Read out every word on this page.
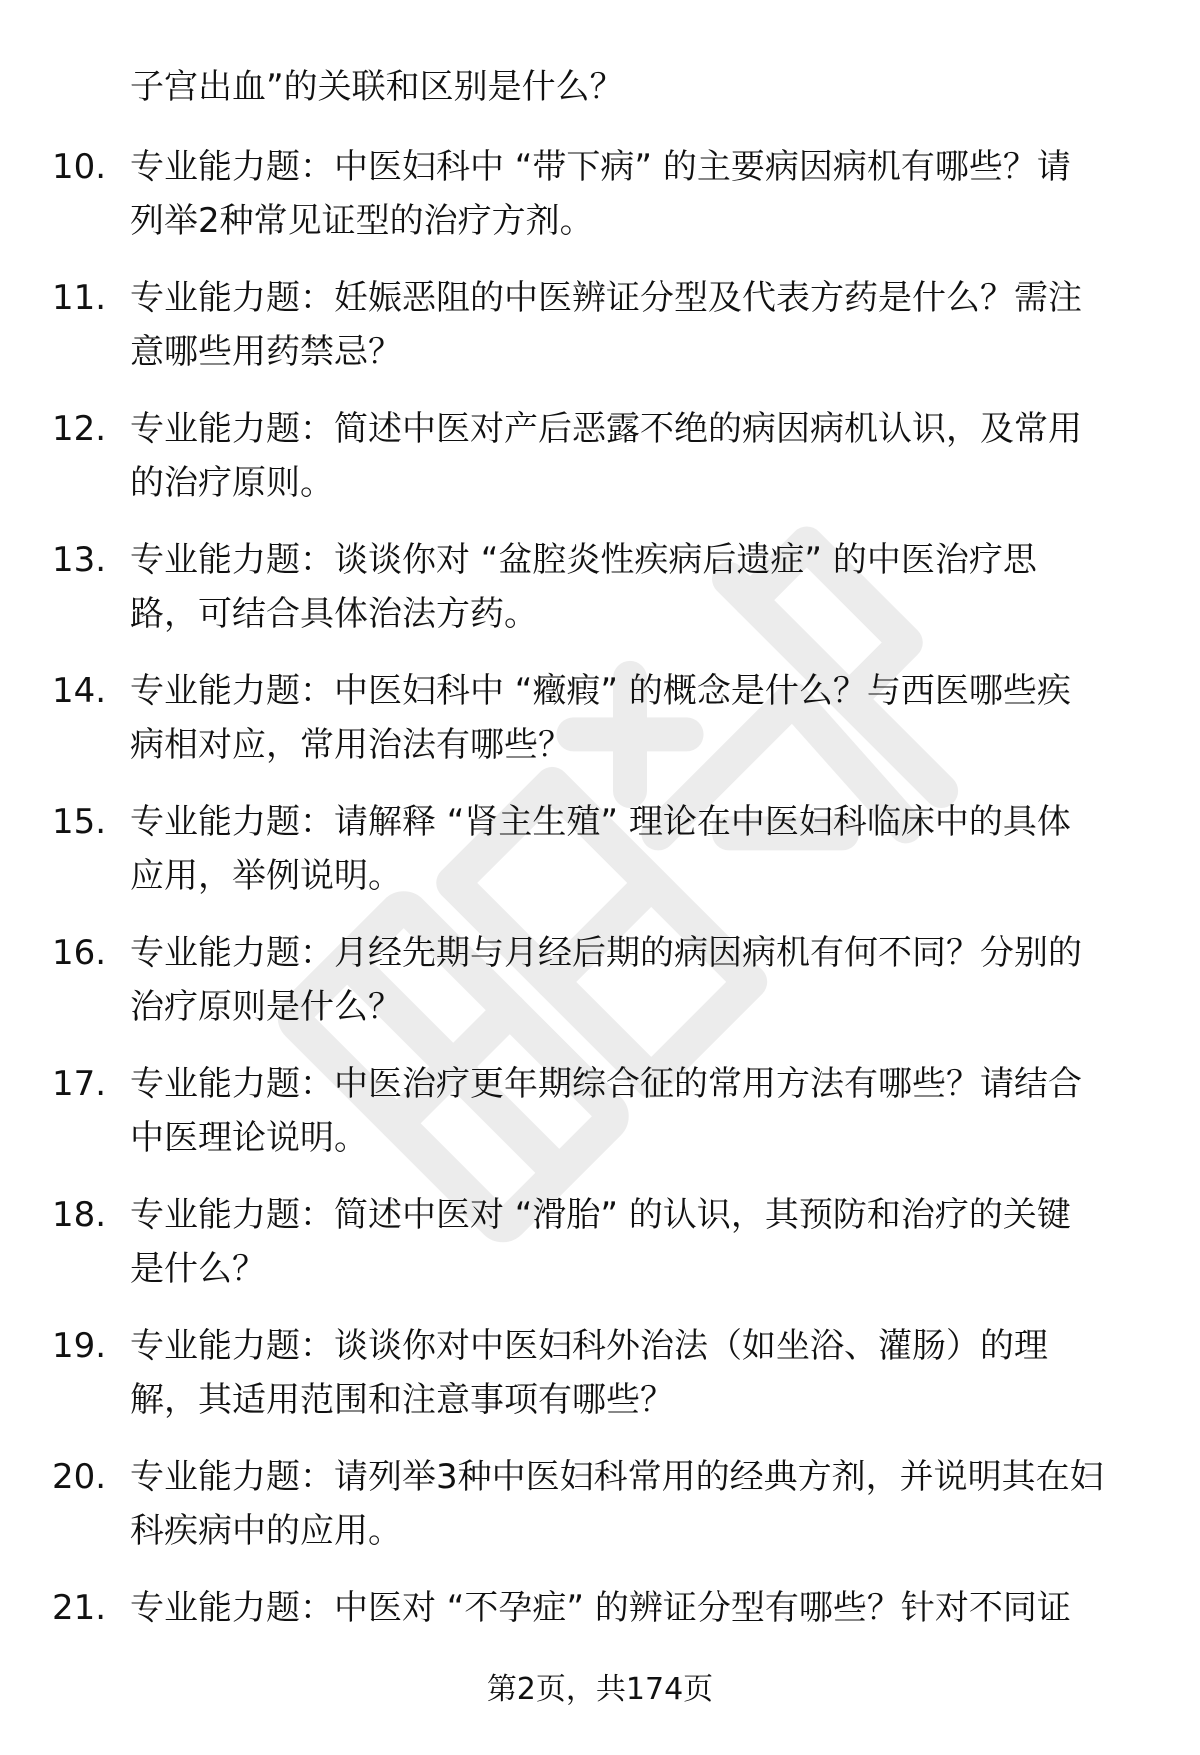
子宫出血”的关联和区别是什么？
10. 专业能力题：中医妇科中 “带下病” 的主要病因病机有哪些？请
列举2种常见证型的治疗方剂。
11. 专业能力题：妊娠恶阻的中医辨证分型及代表方药是什么？需注
意哪些用药禁忌？
12. 专业能力题：简述中医对产后恶露不绝的病因病机认识，及常用
的治疗原则。
13. 专业能力题：谈谈你对 “盆腔炎性疾病后遗症” 的中医治疗思
路，可结合具体治法方药。
14. 专业能力题：中医妇科中 “癥瘕” 的概念是什么？与西医哪些疾
病相对应，常用治法有哪些？
15. 专业能力题：请解释 “肾主生殖” 理论在中医妇科临床中的具体
应用，举例说明。
16. 专业能力题：月经先期与月经后期的病因病机有何不同？分别的
治疗原则是什么？
17. 专业能力题：中医治疗更年期综合征的常用方法有哪些？请结合
中医理论说明。
18. 专业能力题：简述中医对 “滑胎” 的认识，其预防和治疗的关键
是什么？
19. 专业能力题：谈谈你对中医妇科外治法（如坐浴、灌肠）的理
解，其适用范围和注意事项有哪些？
20. 专业能力题：请列举3种中医妇科常用的经典方剂，并说明其在妇
科疾病中的应用。
21. 专业能力题：中医对 “不孕症” 的辨证分型有哪些？针对不同证
第2页，共174页
